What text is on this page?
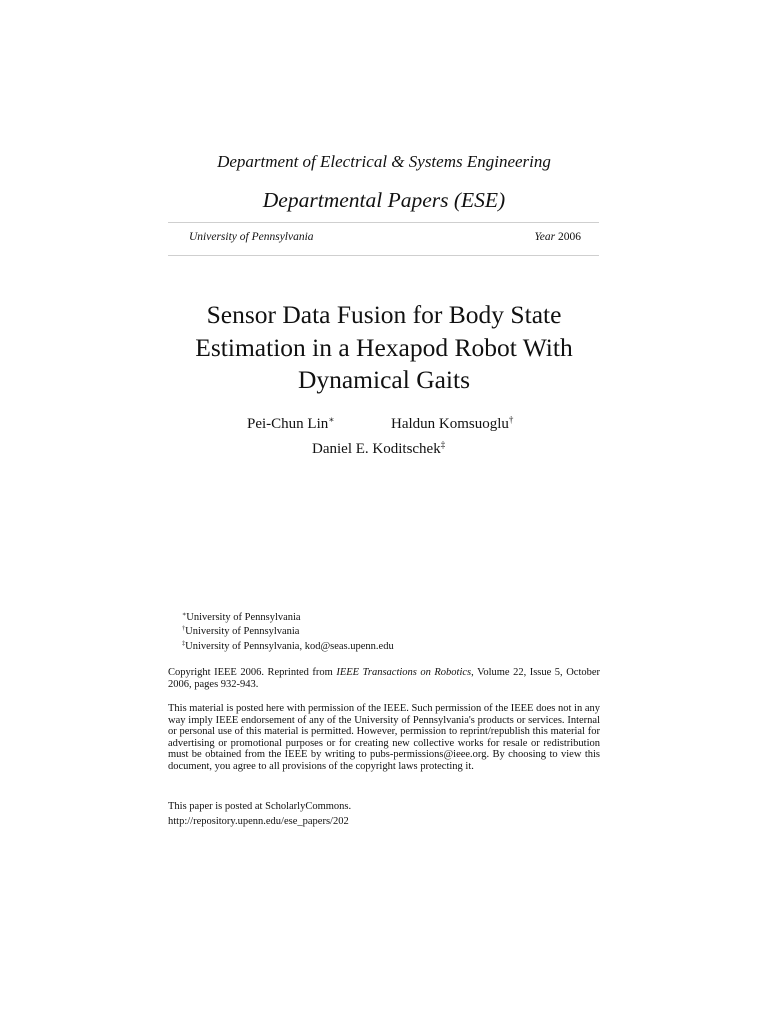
Department of Electrical & Systems Engineering
Departmental Papers (ESE)
University of Pennsylvania	Year 2006
Sensor Data Fusion for Body State Estimation in a Hexapod Robot With Dynamical Gaits
Pei-Chun Lin∗	Haldun Komsuoglu†
Daniel E. Koditschek‡
∗University of Pennsylvania
†University of Pennsylvania
‡University of Pennsylvania, kod@seas.upenn.edu
Copyright IEEE 2006. Reprinted from IEEE Transactions on Robotics, Volume 22, Issue 5, October 2006, pages 932-943.
This material is posted here with permission of the IEEE. Such permission of the IEEE does not in any way imply IEEE endorsement of any of the University of Pennsylvania's products or services. Internal or personal use of this material is permitted. However, permission to reprint/republish this material for advertising or promotional purposes or for creating new collective works for resale or redistribution must be obtained from the IEEE by writing to pubs-permissions@ieee.org. By choosing to view this document, you agree to all provisions of the copyright laws protecting it.
This paper is posted at ScholarlyCommons.
http://repository.upenn.edu/ese_papers/202
